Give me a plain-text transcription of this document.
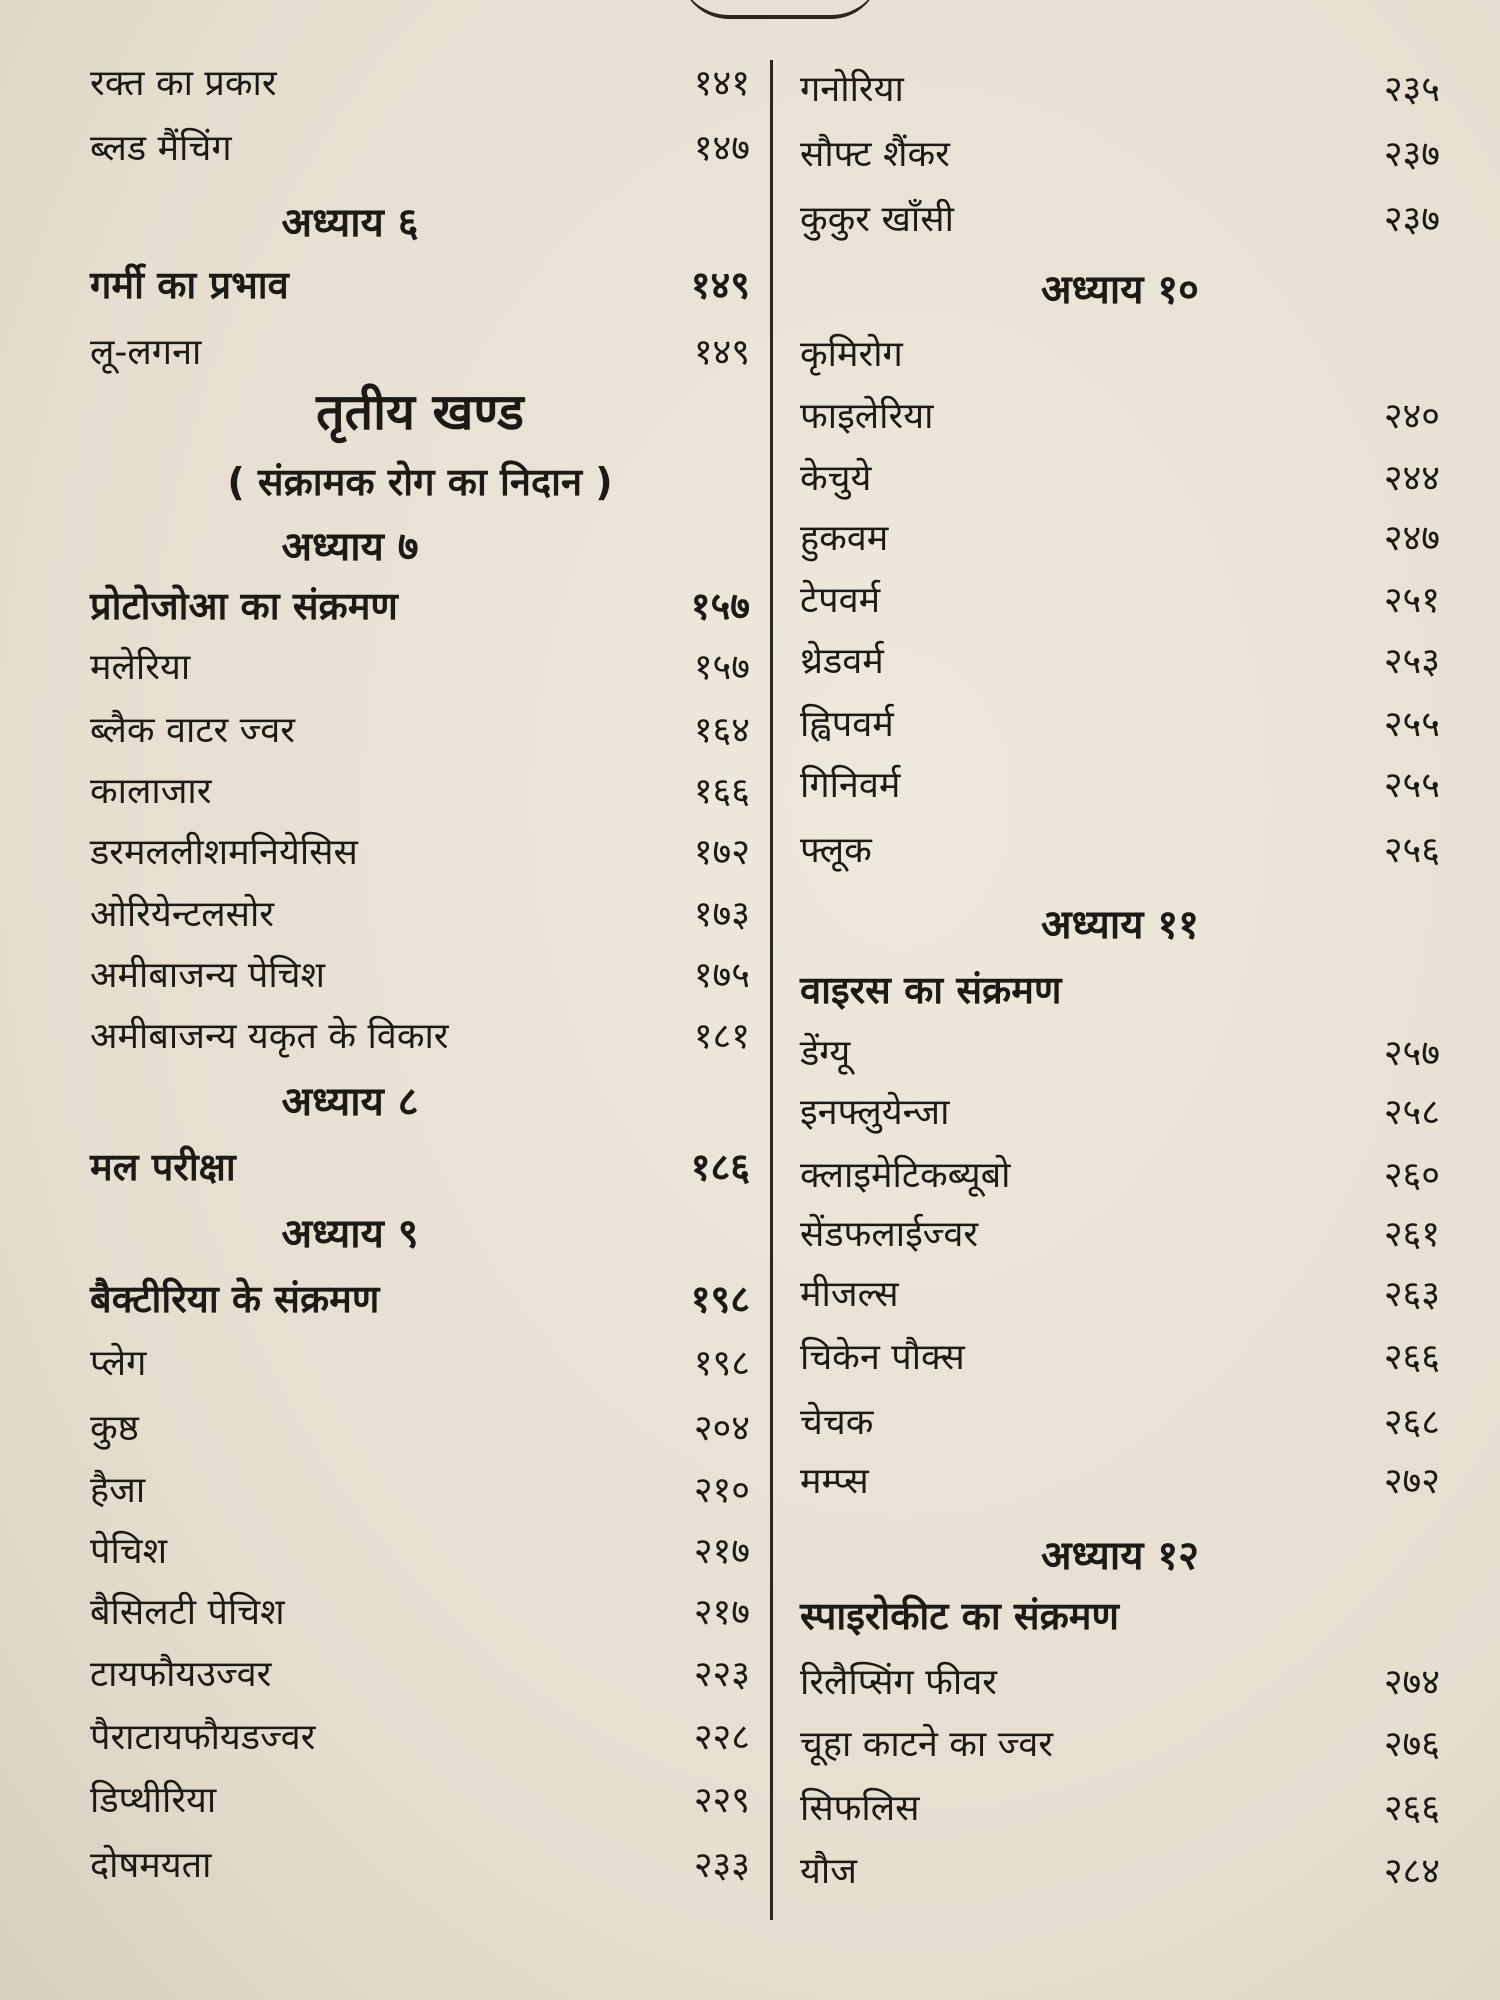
रक्त का प्रकार	१४१
ब्लड मैंचिंग	१४७
अध्याय ६
गर्मी का प्रभाव	१४९
लू-लगना	१४९
तृतीय खण्ड
( संक्रामक रोग का निदान )
अध्याय ७
प्रोटोजोआ का संक्रमण	१५७
मलेरिया	१५७
ब्लैक वाटर ज्वर	१६४
कालाजार	१६६
डरमललीशमनियेसिस	१७२
ओरियेन्टलसोर	१७३
अमीबाजन्य पेचिश	१७५
अमीबाजन्य यकृत के विकार	१८१
अध्याय ८
मल परीक्षा	१८६
अध्याय ९
बैक्टीरिया के संक्रमण	१९८
प्लेग	१९८
कुष्ठ	२०४
हैजा	२१०
पेचिश	२१७
बैसिलटी पेचिश	२१७
टायफौयउज्वर	२२३
पैराटायफौयडज्वर	२२८
डिप्थीरिया	२२९
दोषमयता	२३३
गनोरिया	२३५
सौफ्ट शैंकर	२३७
कुकुर खाँसी	२३७
अध्याय १०
कृमिरोग
फाइलेरिया	२४०
केचुये	२४४
हुकवम	२४७
टेपवर्म	२५१
थ्रेडवर्म	२५३
ह्विपवर्म	२५५
गिनिवर्म	२५५
फ्लूक	२५६
अध्याय ११
वाइरस का संक्रमण
डेंग्यू	२५७
इनफ्लुयेन्जा	२५८
क्लाइमेटिकब्यूबो	२६०
सेंडफलाईज्वर	२६१
मीजल्स	२६३
चिकेन पौक्स	२६६
चेचक	२६८
मम्प्स	२७२
अध्याय १२
स्पाइरोकीट का संक्रमण
रिलैप्सिंग फीवर	२७४
चूहा काटने का ज्वर	२७६
सिफलिस	२६६
यौज	२८४
